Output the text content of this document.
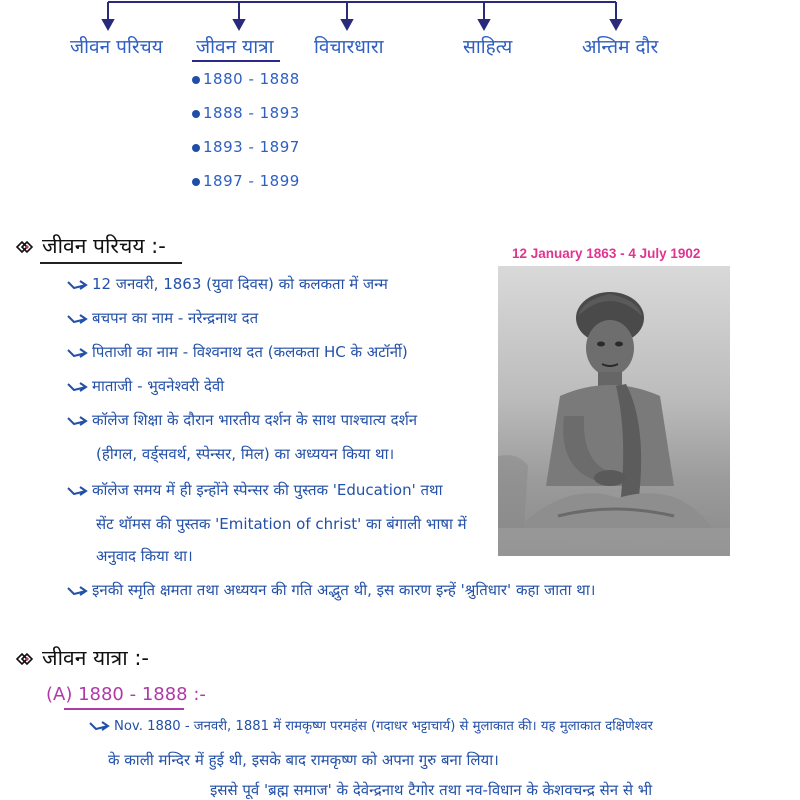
जीवन परिचय जीवन यात्रा विचारधारा	साहित्य	अन्तिम दौर
1880 - 1888
1888 - 1893
1893 - 1897
1897 - 1899
जीवन परिचय :-	12 January 1863 - 4 July 1902
12 जनवरी, 1863 (युवा दिवस) को कलकता में जन्म
बचपन का नाम - नरेन्द्रनाथ दत
पिताजी का नाम - विश्वनाथ दत (कलकता HC के अटॉर्नी)
माताजी - भुवनेश्वरी देवी
कॉलेज शिक्षा के दौरान भारतीय दर्शन के साथ पाश्चात्य दर्शन
(हीगल, वर्ड्सवर्थ, स्पेन्सर, मिल) का अध्ययन किया था।
कॉलेज समय में ही इन्होंने स्पेन्सर की पुस्तक 'Education' तथा
सेंट थॉमस की पुस्तक 'Emitation of christ' का बंगाली भाषा में
अनुवाद किया था।
इनकी स्मृति क्षमता तथा अध्ययन की गति अद्भुत थी, इस कारण इन्हें 'श्रुतिधार' कहा जाता था।
जीवन यात्रा :-
(A) 1880 - 1888 :-
Nov. 1880 - जनवरी, 1881 में रामकृष्ण परमहंस (गदाधर भट्टाचार्य) से मुलाकात की। यह मुलाकात दक्षिणेश्वर
के काली मन्दिर में हुई थी, इसके बाद रामकृष्ण को अपना गुरु बना लिया।
इससे पूर्व 'ब्रह्म समाज' के देवेन्द्रनाथ टैगोर तथा नव-विधान के केशवचन्द्र सेन से भी
